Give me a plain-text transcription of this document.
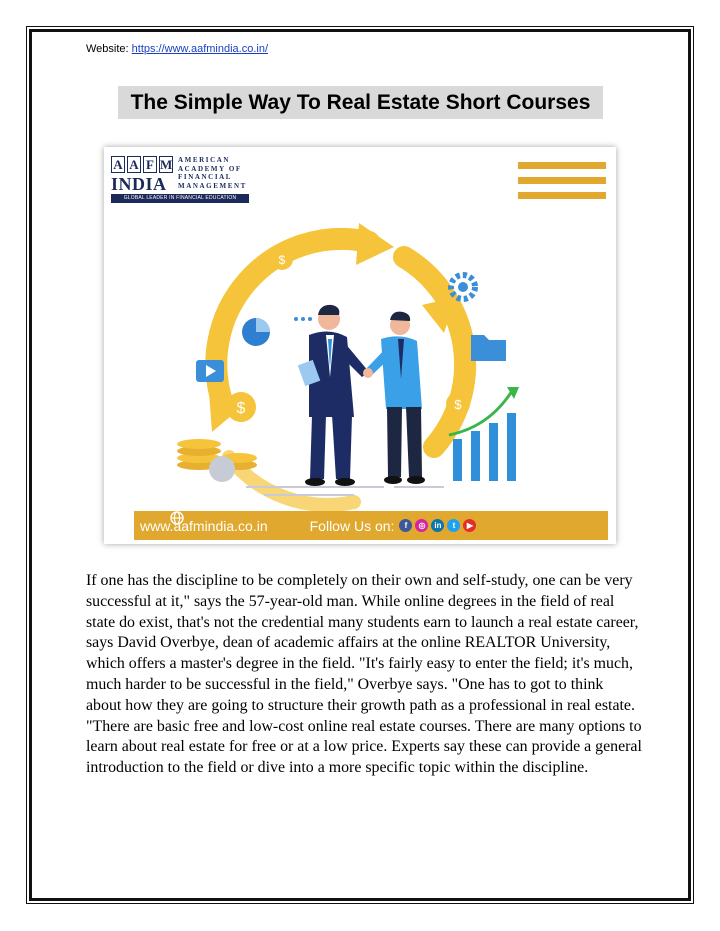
Website: https://www.aafmindia.co.in/
The Simple Way To Real Estate Short Courses
$
$	$
A A F M
INDIA
AMERICAN
ACADEMY OF
FINANCIAL
MANAGEMENT
GLOBAL LEADER IN FINANCIAL EDUCATION
www.aafmindia.co.in	Follow Us on:	f	◎	in	t	▶
If one has the discipline to be completely on their own and self-study, one can be very successful at it," says the 57-year-old man. While online degrees in the field of real state do exist, that's not the credential many students earn to launch a real estate career, says David Overbye, dean of academic affairs at the online REALTOR University, which offers a master's degree in the field. "It's fairly easy to enter the field; it's much, much harder to be successful in the field," Overbye says. "One has to got to think about how they are going to structure their growth path as a professional in real estate. "There are basic free and low-cost online real estate courses. There are many options to learn about real estate for free or at a low price. Experts say these can provide a general introduction to the field or dive into a more specific topic within the discipline.
